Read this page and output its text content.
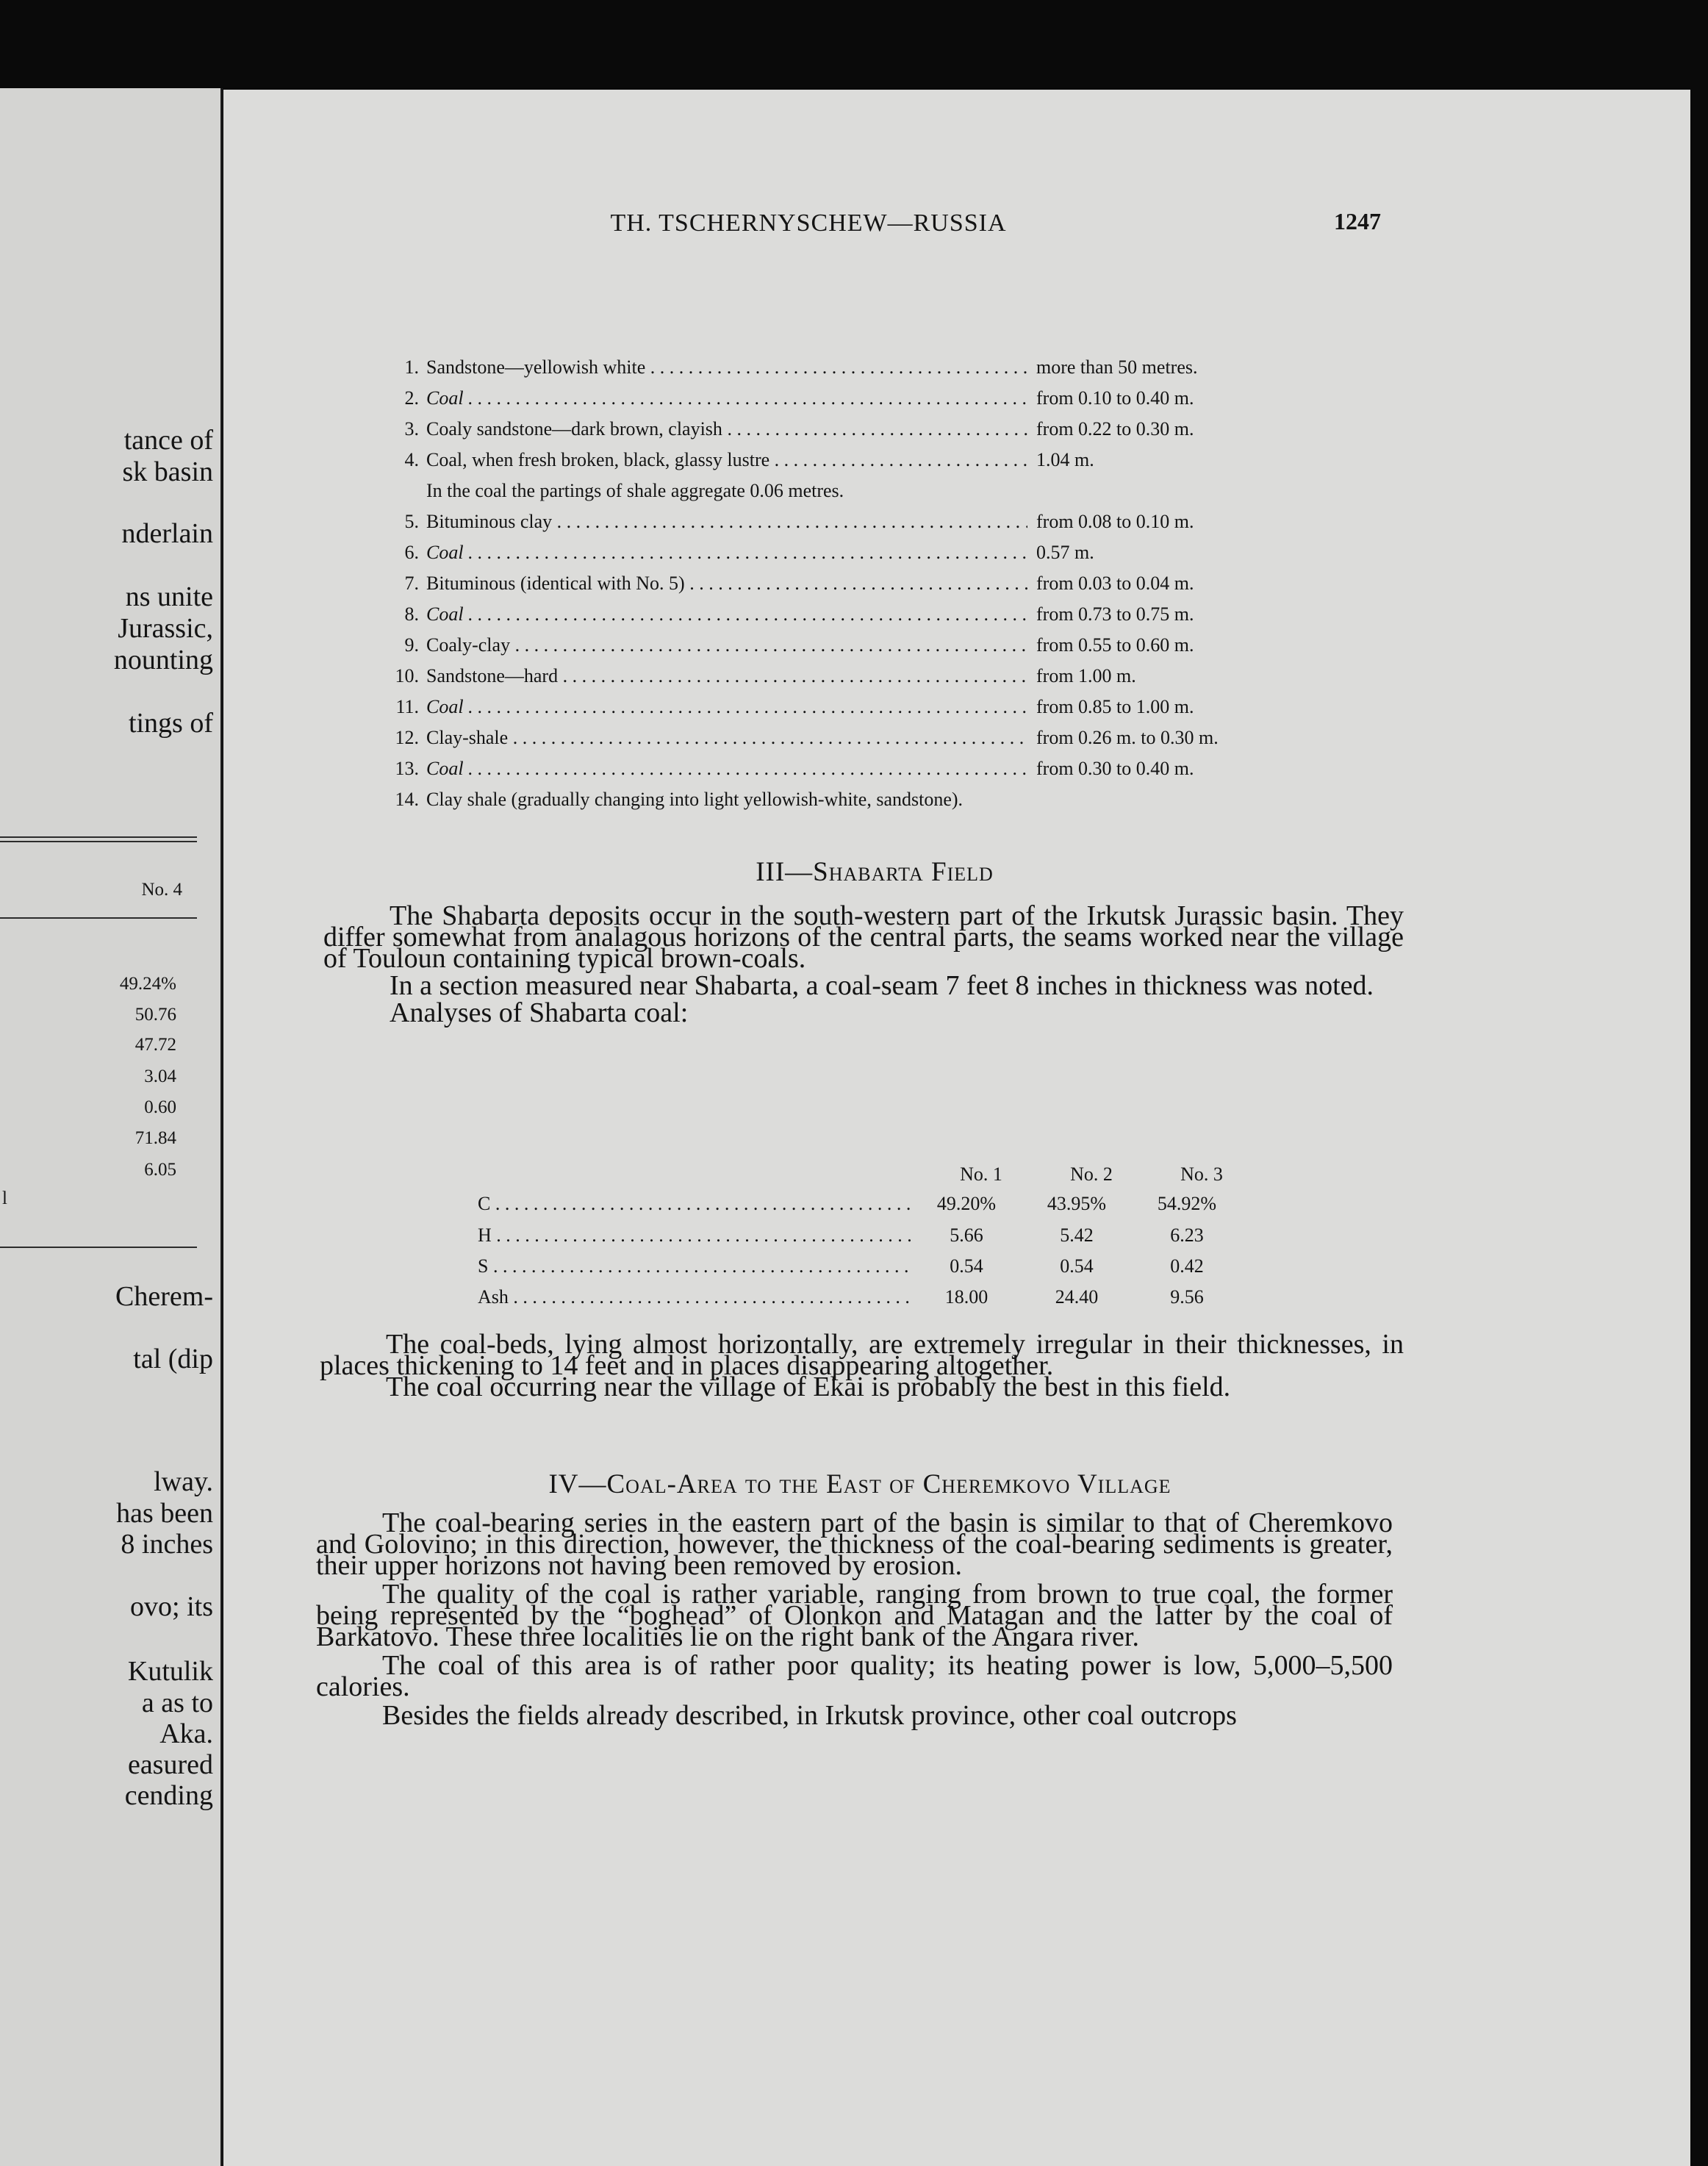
tance of
sk basin
nderlain
ns unite
Jurassic,
nounting
tings of
No. 4
49.24%
50.76
47.72
3.04
0.60
71.84
6.05
l
Cherem-
tal (dip
lway.
has been
8 inches
ovo; its
Kutulik
a as to
Aka.
easured
cending
TH. TSCHERNYSCHEW—RUSSIA	1247
1. Sandstone—yellowish white . . .	more than 50 metres.
2. Coal . . .	from 0.10 to 0.40 m.
3. Coaly sandstone—dark brown, clayish . . .	from 0.22 to 0.30 m.
4. Coal, when fresh broken, black, glassy lustre . . .	1.04 m.
In the coal the partings of shale aggregate 0.06 metres.
5. Bituminous clay . . .	from 0.08 to 0.10 m.
6. Coal . . .	0.57 m.
7. Bituminous (identical with No. 5) . . .	from 0.03 to 0.04 m.
8. Coal . . .	from 0.73 to 0.75 m.
9. Coaly-clay . . .	from 0.55 to 0.60 m.
10. Sandstone—hard . . .	from 1.00 m.
11. Coal . . .	from 0.85 to 1.00 m.
12. Clay-shale . . .	from 0.26 m. to 0.30 m.
13. Coal . . .	from 0.30 to 0.40 m.
14. Clay shale (gradually changing into light yellowish-white, sandstone).
III—Shabarta Field

The Shabarta deposits occur in the south-western part of the Irkutsk Jurassic basin. They differ somewhat from analagous horizons of the central parts, the seams worked near the village of Touloun containing typical brown-coals.

In a section measured near Shabarta, a coal-seam 7 feet 8 inches in thickness was noted.

Analyses of Shabarta coal:

No. 1	No. 2	No. 3
C . . .	49.20%	43.95%	54.92%
H . . .	5.66	5.42	6.23
S . . .	0.54	0.54	0.42
Ash . . .	18.00	24.40	9.56

The coal-beds, lying almost horizontally, are extremely irregular in their thicknesses, in places thickening to 14 feet and in places disappearing altogether.

The coal occurring near the village of Ekai is probably the best in this field.

IV—Coal-Area to the East of Cheremkovo Village

The coal-bearing series in the eastern part of the basin is similar to that of Cheremkovo and Golovino; in this direction, however, the thickness of the coal-bearing sediments is greater, their upper horizons not having been removed by erosion.

The quality of the coal is rather variable, ranging from brown to true coal, the former being represented by the “boghead” of Olonkon and Matagan and the latter by the coal of Barkatovo. These three localities lie on the right bank of the Angara river.

The coal of this area is of rather poor quality; its heating power is low, 5,000–5,500 calories.

Besides the fields already described, in Irkutsk province, other coal outcrops
